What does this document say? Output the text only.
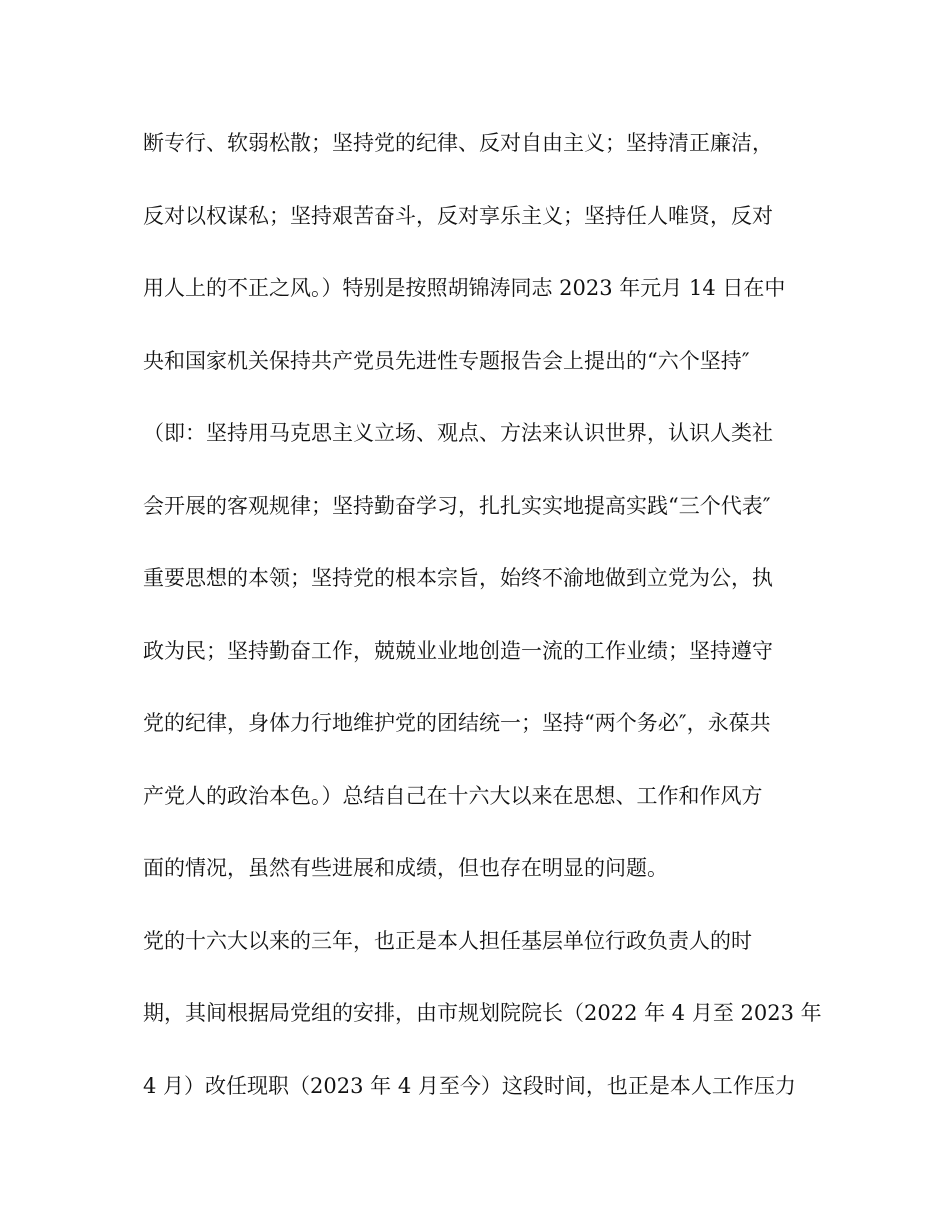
断专行、软弱松散；坚持党的纪律、反对自由主义；坚持清正廉洁，

反对以权谋私；坚持艰苦奋斗，反对享乐主义；坚持任人唯贤，反对

用人上的不正之风。）特别是按照胡锦涛同志 2023 年元月 14 日在中

央和国家机关保持共产党员先进性专题报告会上提出的“六个坚持″

（即：坚持用马克思主义立场、观点、方法来认识世界，认识人类社

会开展的客观规律；坚持勤奋学习，扎扎实实地提高实践“三个代表″

重要思想的本领；坚持党的根本宗旨，始终不渝地做到立党为公，执

政为民；坚持勤奋工作，兢兢业业地创造一流的工作业绩；坚持遵守

党的纪律，身体力行地维护党的团结统一；坚持“两个务必″，永葆共

产党人的政治本色。）总结自己在十六大以来在思想、工作和作风方

面的情况，虽然有些进展和成绩，但也存在明显的问题。

党的十六大以来的三年，也正是本人担任基层单位行政负责人的时

期，其间根据局党组的安排，由市规划院院长（2022 年 4 月至 2023 年

4 月）改任现职（2023 年 4 月至今）这段时间，也正是本人工作压力
